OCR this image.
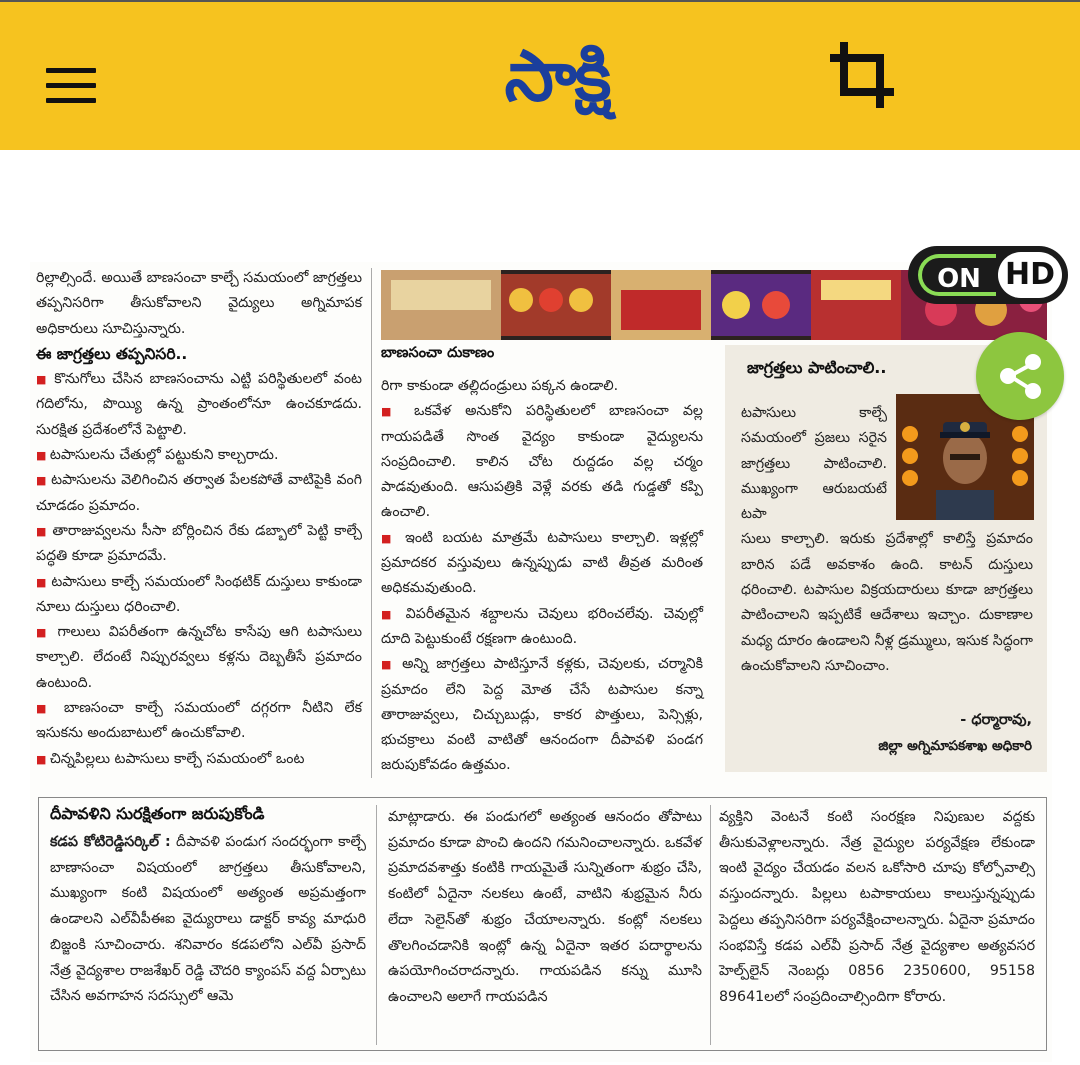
సాక్షి

రిల్లాల్సిందే. అయితే బాణసంచా కాల్చే సమయంలో జాగ్రత్తలు తప్పనిసరిగా తీసుకోవాలని వైద్యులు అగ్నిమాపక అధికారులు సూచిస్తున్నారు.

ఈ జాగ్రత్తలు తప్పనిసరి..

■ కొనుగోలు చేసిన బాణసంచాను ఎట్టి పరిస్థితులలో వంట గదిలోను, పొయ్యి ఉన్న ప్రాంతంలోనూ ఉంచకూడదు. సురక్షిత ప్రదేశంలోనే పెట్టాలి.

■ టపాసులను చేతుల్లో పట్టుకుని కాల్చరాదు.

■ టపాసులను వెలిగించిన తర్వాత పేలకపోతే వాటిపైకి వంగి చూడడం ప్రమాదం.

■ తారాజువ్వలను సీసా బోర్లించిన రేకు డబ్బాలో పెట్టి కాల్చే పద్ధతి కూడా ప్రమాదమే.

■ టపాసులు కాల్చే సమయంలో సింథటిక్ దుస్తులు కాకుండా నూలు దుస్తులు ధరించాలి.

■ గాలులు విపరీతంగా ఉన్నచోట కాసేపు ఆగి టపాసులు కాల్చాలి. లేదంటే నిప్పురవ్వలు కళ్లను దెబ్బతీసే ప్రమాదం ఉంటుంది.

■ బాణసంచా కాల్చే సమయంలో దగ్గరగా నీటిని లేక ఇసుకను అందుబాటులో ఉంచుకోవాలి.

■ చిన్నపిల్లలు టపాసులు కాల్చే సమయంలో ఒంట

బాణసంచా దుకాణం

రిగా కాకుండా తల్లిదండ్రులు పక్కన ఉండాలి.

■ ఒకవేళ అనుకోని పరిస్థితులలో బాణసంచా వల్ల గాయపడితే సొంత వైద్యం కాకుండా వైద్యులను సంప్రదించాలి. కాలిన చోట రుద్దడం వల్ల చర్మం పాడవుతుంది. ఆసుపత్రికి వెళ్లే వరకు తడి గుడ్డతో కప్పి ఉంచాలి.

■ ఇంటి బయట మాత్రమే టపాసులు కాల్చాలి. ఇళ్లల్లో ప్రమాదకర వస్తువులు ఉన్నప్పుడు వాటి తీవ్రత మరింత అధికమవుతుంది.

■ విపరీతమైన శబ్దాలను చెవులు భరించలేవు. చెవుల్లో దూది పెట్టుకుంటే రక్షణగా ఉంటుంది.

■ అన్ని జాగ్రత్తలు పాటిస్తూనే కళ్లకు, చెవులకు, చర్మానికి ప్రమాదం లేని పెద్ద మోత చేసే టపాసుల కన్నా తారాజువ్వలు, చిచ్చుబుడ్లు, కాకర పొత్తులు, పెన్సిళ్లు, భుచక్రాలు వంటి వాటితో ఆనందంగా దీపావళి పండగ జరుపుకోవడం ఉత్తమం.

జాగ్రత్తలు పాటించాలి..

టపాసులు కాల్చే సమయంలో ప్రజలు సరైన జాగ్రత్తలు పాటించాలి. ముఖ్యంగా ఆరుబయటే టపా

సులు కాల్చాలి. ఇరుకు ప్రదేశాల్లో కాలిస్తే ప్రమాదం బారిన పడే అవకాశం ఉంది. కాటన్ దుస్తులు ధరించాలి. టపాసుల విక్రయదారులు కూడా జాగ్రత్తలు పాటించాలని ఇప్పటికే ఆదేశాలు ఇచ్చాం. దుకాణాల మధ్య దూరం ఉండాలని నీళ్ల డ్రమ్ములు, ఇసుక సిద్ధంగా ఉంచుకోవాలని సూచించాం.

- ధర్మారావు,
జిల్లా అగ్నిమాపకశాఖ అధికారి
ON HD
దీపావళిని సురక్షితంగా జరుపుకోండి

కడప కోటిరెడ్డిసర్కిల్ : దీపావళి పండుగ సందర్భంగా కాల్చే బాణాసంచా విషయంలో జాగ్రత్తలు తీసుకోవాలని, ముఖ్యంగా కంటి విషయంలో అత్యంత అప్రమత్తంగా ఉండాలని ఎల్‌వీపీఈఐ వైద్యురాలు డాక్టర్ కావ్య మాధురి బిజ్జంకి సూచించారు. శనివారం కడపలోని ఎల్‌వీ ప్రసాద్ నేత్ర వైద్యశాల రాజశేఖర్ రెడ్డి చౌదరి క్యాంపస్ వద్ద ఏర్పాటు చేసిన అవగాహన సదస్సులో ఆమె

మాట్లాడారు. ఈ పండుగలో అత్యంత ఆనందం తోపాటు ప్రమాదం కూడా పొంచి ఉందని గమనించాలన్నారు. ఒకవేళ ప్రమాదవశాత్తు కంటికి గాయమైతే సున్నితంగా శుభ్రం చేసి, కంటిలో ఏదైనా నలకలు ఉంటే, వాటిని శుభ్రమైన నీరు లేదా సెలైన్‌తో శుభ్రం చేయాలన్నారు. కంట్లో నలకలు తొలగించడానికి ఇంట్లో ఉన్న ఏదైనా ఇతర పదార్థాలను ఉపయోగించరాదన్నారు. గాయపడిన కన్ను మూసి ఉంచాలని అలాగే గాయపడిన

వ్యక్తిని వెంటనే కంటి సంరక్షణ నిపుణుల వద్దకు తీసుకువెళ్లాలన్నారు. నేత్ర వైద్యుల పర్యవేక్షణ లేకుండా ఇంటి వైద్యం చేయడం వలన ఒకోసారి చూపు కోల్పోవాల్సి వస్తుందన్నారు. పిల్లలు టపాకాయలు కాలుస్తున్నప్పుడు పెద్దలు తప్పనిసరిగా పర్యవేక్షించాలన్నారు. ఏదైనా ప్రమాదం సంభవిస్తే కడప ఎల్‌వీ ప్రసాద్ నేత్ర వైద్యశాల అత్యవసర హెల్ప్‌లైన్ నెంబర్లు 0856 2350600, 95158 89641లలో సంప్రదించాల్సిందిగా కోరారు.
